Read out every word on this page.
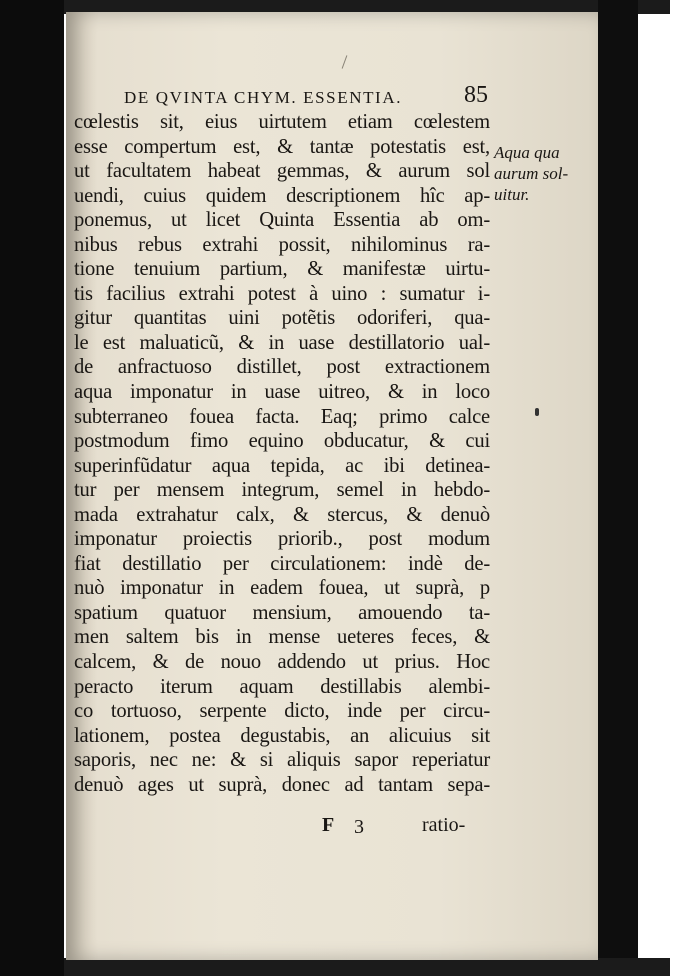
DE QVINTA CHYM. ESSENTIA.	85
cœlestis sit, eius uirtutem etiam cœlestem
esse compertum est, & tantæ potestatis est,
ut facultatem habeat gemmas, & aurum sol
uendi, cuius quidem descriptionem hîc ap-
ponemus, ut licet Quinta Essentia ab om-
nibus rebus extrahi possit, nihilominus ra-
tione tenuium partium, & manifestæ uirtu-
tis facilius extrahi potest à uino : sumatur i-
gitur quantitas uini potẽtis odoriferi, qua-
le est maluaticũ, & in uase destillatorio ual-
de anfractuoso distillet, post extractionem
aqua imponatur in uase uitreo, & in loco
subterraneo fouea facta. Eaq; primo calce
postmodum fimo equino obducatur, & cui
superinfũdatur aqua tepida, ac ibi detinea-
tur per mensem integrum, semel in hebdo-
mada extrahatur calx, & stercus, & denuò
imponatur proiectis priorib., post modum
fiat destillatio per circulationem: indè de-
nuò imponatur in eadem fouea, ut suprà, p
spatium quatuor mensium, amouendo ta-
men saltem bis in mense ueteres feces, &
calcem, & de nouo addendo ut prius. Hoc
peracto iterum aquam destillabis alembi-
co tortuoso, serpente dicto, inde per circu-
lationem, postea degustabis, an alicuius sit
saporis, nec ne: & si aliquis sapor reperiatur
denuò ages ut suprà, donec ad tantam sepa-
Aqua qua
aurum sol-
uitur.
F 3	ratio-
